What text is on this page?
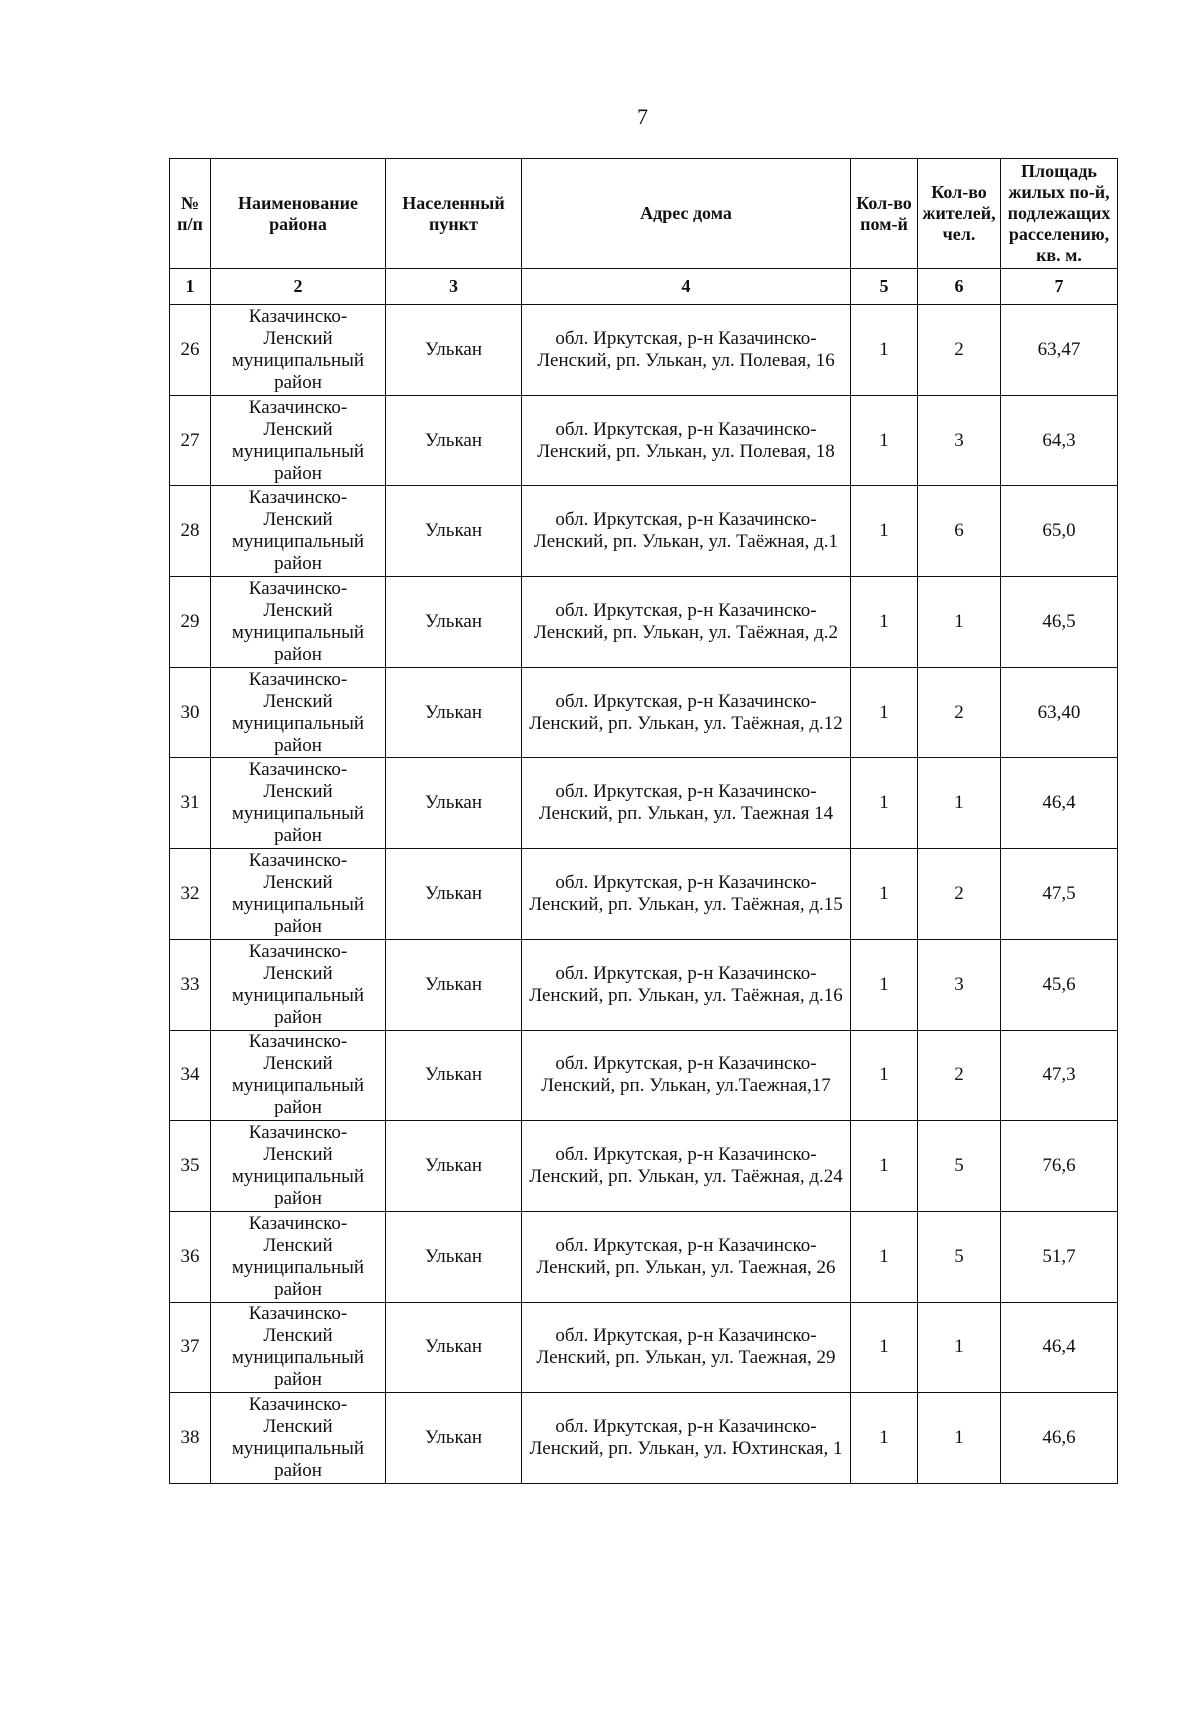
7
№ п/п	Наименование района	Населенный пункт	Адрес дома	Кол-во пом-й	Кол-во жителей, чел.	Площадь жилых по-й, подлежащих расселению, кв. м.
1	2	3	4	5	6	7
26	Казачинско-Ленский муниципальный район	Улькан	обл. Иркутская, р-н Казачинско-Ленский, рп. Улькан, ул. Полевая, 16	1	2	63,47
27	Казачинско-Ленский муниципальный район	Улькан	обл. Иркутская, р-н Казачинско-Ленский, рп. Улькан, ул. Полевая, 18	1	3	64,3
28	Казачинско-Ленский муниципальный район	Улькан	обл. Иркутская, р-н Казачинско-Ленский, рп. Улькан, ул. Таёжная, д.1	1	6	65,0
29	Казачинско-Ленский муниципальный район	Улькан	обл. Иркутская, р-н Казачинско-Ленский, рп. Улькан, ул. Таёжная, д.2	1	1	46,5
30	Казачинско-Ленский муниципальный район	Улькан	обл. Иркутская, р-н Казачинско-Ленский, рп. Улькан, ул. Таёжная, д.12	1	2	63,40
31	Казачинско-Ленский муниципальный район	Улькан	обл. Иркутская, р-н Казачинско-Ленский, рп. Улькан, ул. Таежная 14	1	1	46,4
32	Казачинско-Ленский муниципальный район	Улькан	обл. Иркутская, р-н Казачинско-Ленский, рп. Улькан, ул. Таёжная, д.15	1	2	47,5
33	Казачинско-Ленский муниципальный район	Улькан	обл. Иркутская, р-н Казачинско-Ленский, рп. Улькан, ул. Таёжная, д.16	1	3	45,6
34	Казачинско-Ленский муниципальный район	Улькан	обл. Иркутская, р-н Казачинско-Ленский, рп. Улькан, ул.Таежная,17	1	2	47,3
35	Казачинско-Ленский муниципальный район	Улькан	обл. Иркутская, р-н Казачинско-Ленский, рп. Улькан, ул. Таёжная, д.24	1	5	76,6
36	Казачинско-Ленский муниципальный район	Улькан	обл. Иркутская, р-н Казачинско-Ленский, рп. Улькан, ул. Таежная, 26	1	5	51,7
37	Казачинско-Ленский муниципальный район	Улькан	обл. Иркутская, р-н Казачинско-Ленский, рп. Улькан, ул. Таежная, 29	1	1	46,4
38	Казачинско-Ленский муниципальный район	Улькан	обл. Иркутская, р-н Казачинско-Ленский, рп. Улькан, ул. Юхтинская, 1	1	1	46,6
